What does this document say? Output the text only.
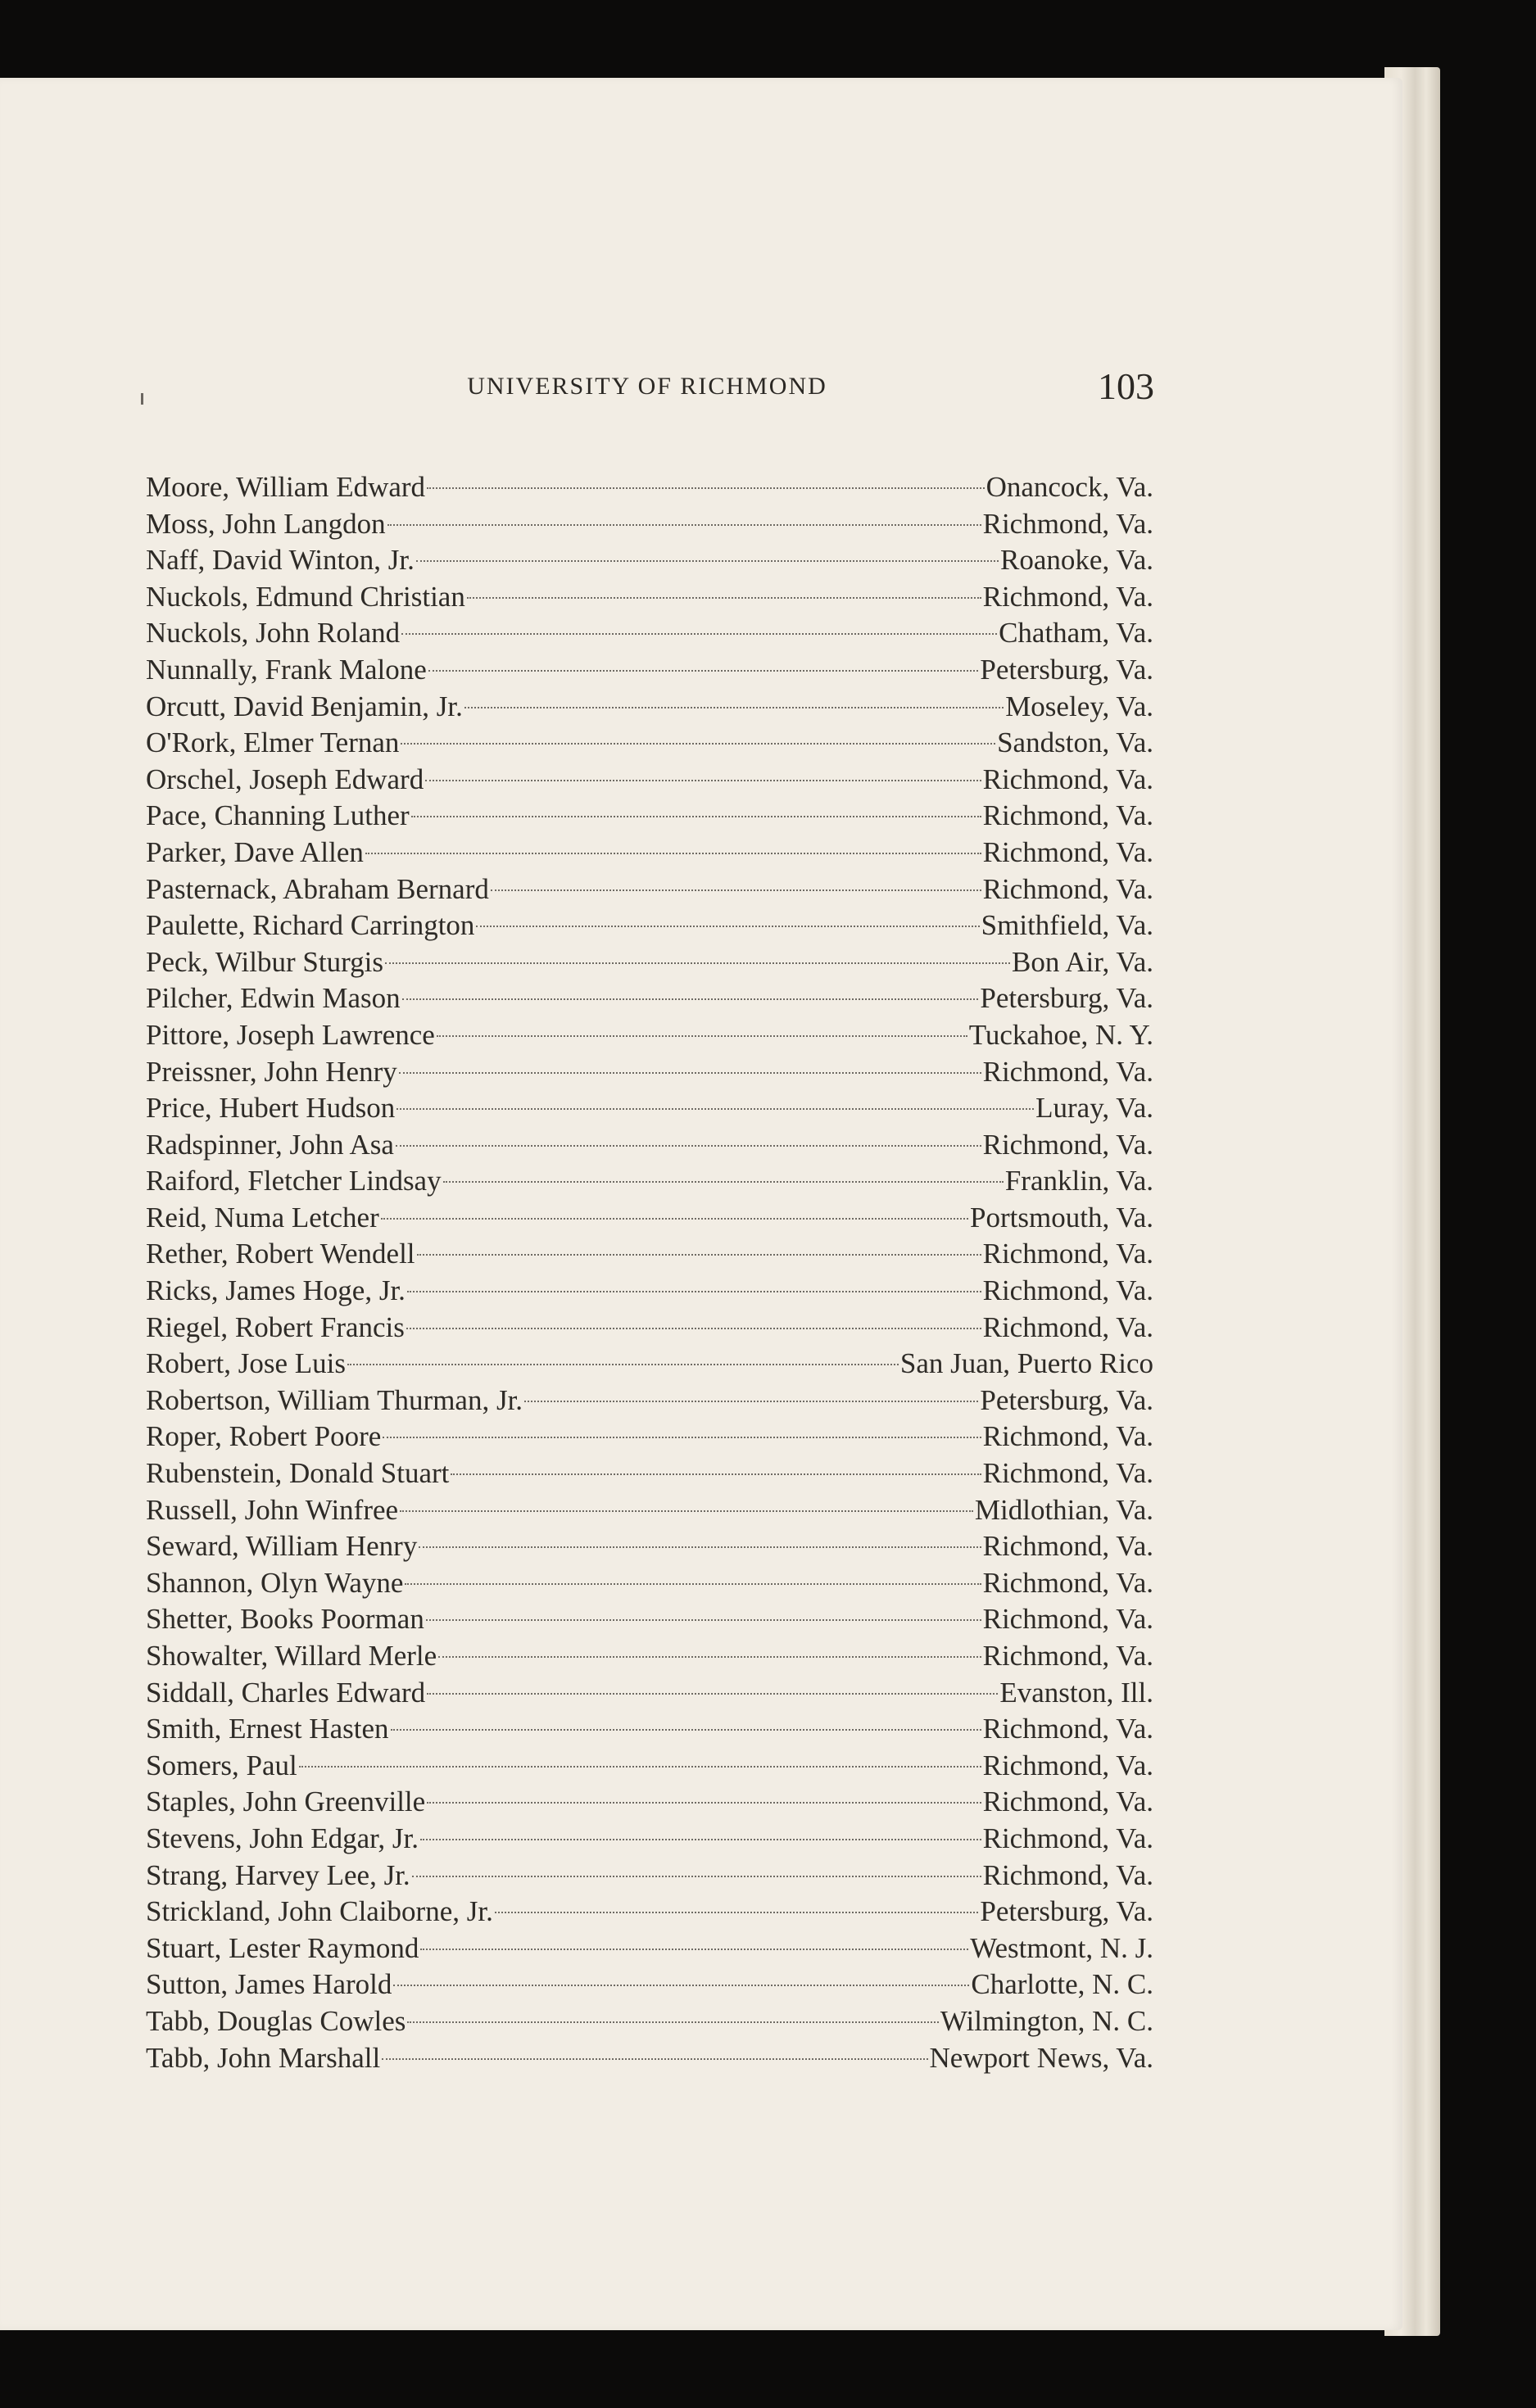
UNIVERSITY OF RICHMOND	103
Moore, William Edward	Onancock, Va.
Moss, John Langdon	Richmond, Va.
Naff, David Winton, Jr.	Roanoke, Va.
Nuckols, Edmund Christian	Richmond, Va.
Nuckols, John Roland	Chatham, Va.
Nunnally, Frank Malone	Petersburg, Va.
Orcutt, David Benjamin, Jr.	Moseley, Va.
O'Rork, Elmer Ternan	Sandston, Va.
Orschel, Joseph Edward	Richmond, Va.
Pace, Channing Luther	Richmond, Va.
Parker, Dave Allen	Richmond, Va.
Pasternack, Abraham Bernard	Richmond, Va.
Paulette, Richard Carrington	Smithfield, Va.
Peck, Wilbur Sturgis	Bon Air, Va.
Pilcher, Edwin Mason	Petersburg, Va.
Pittore, Joseph Lawrence	Tuckahoe, N. Y.
Preissner, John Henry	Richmond, Va.
Price, Hubert Hudson	Luray, Va.
Radspinner, John Asa	Richmond, Va.
Raiford, Fletcher Lindsay	Franklin, Va.
Reid, Numa Letcher	Portsmouth, Va.
Rether, Robert Wendell	Richmond, Va.
Ricks, James Hoge, Jr.	Richmond, Va.
Riegel, Robert Francis	Richmond, Va.
Robert, Jose Luis	San Juan, Puerto Rico
Robertson, William Thurman, Jr.	Petersburg, Va.
Roper, Robert Poore	Richmond, Va.
Rubenstein, Donald Stuart	Richmond, Va.
Russell, John Winfree	Midlothian, Va.
Seward, William Henry	Richmond, Va.
Shannon, Olyn Wayne	Richmond, Va.
Shetter, Books Poorman	Richmond, Va.
Showalter, Willard Merle	Richmond, Va.
Siddall, Charles Edward	Evanston, Ill.
Smith, Ernest Hasten	Richmond, Va.
Somers, Paul	Richmond, Va.
Staples, John Greenville	Richmond, Va.
Stevens, John Edgar, Jr.	Richmond, Va.
Strang, Harvey Lee, Jr.	Richmond, Va.
Strickland, John Claiborne, Jr.	Petersburg, Va.
Stuart, Lester Raymond	Westmont, N. J.
Sutton, James Harold	Charlotte, N. C.
Tabb, Douglas Cowles	Wilmington, N. C.
Tabb, John Marshall	Newport News, Va.
